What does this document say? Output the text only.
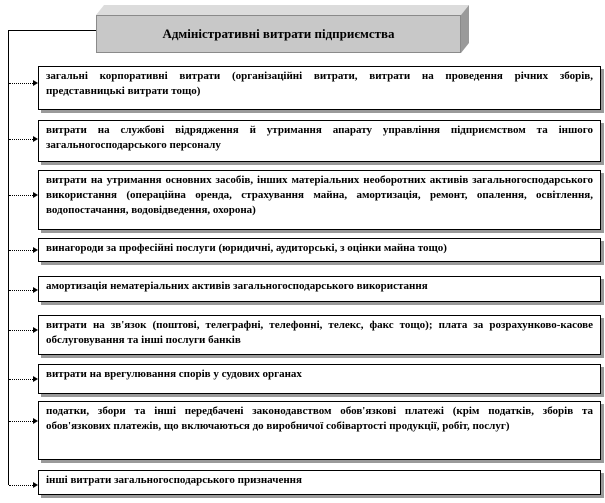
Адміністративні витрати підприємства
загальні корпоративні витрати (організаційні витрати, витрати на проведення річних зборів, представницькі витрати тощо)
витрати на службові відрядження й утримання апарату управління підприємством та іншого загальногосподарського персоналу
витрати на утримання основних засобів, інших матеріальних необоротних активів загальногосподарського використання (операційна оренда, страхування майна, амортизація, ремонт, опалення, освітлення, водопостачання, водовідведення, охорона)
винагороди за професійні послуги (юридичні, аудиторські, з оцінки майна тощо)
амортизація нематеріальних активів загальногосподарського використання
витрати на зв'язок (поштові, телеграфні, телефонні, телекс, факс тощо); плата за розрахунково-касове обслуговування та інші послуги банків
витрати на врегулювання спорів у судових органах
податки, збори та інші передбачені законодавством обов'язкові платежі (крім податків, зборів та обов'язкових платежів, що включаються до виробничої собівартості продукції, робіт, послуг)
інші витрати загальногосподарського призначення
